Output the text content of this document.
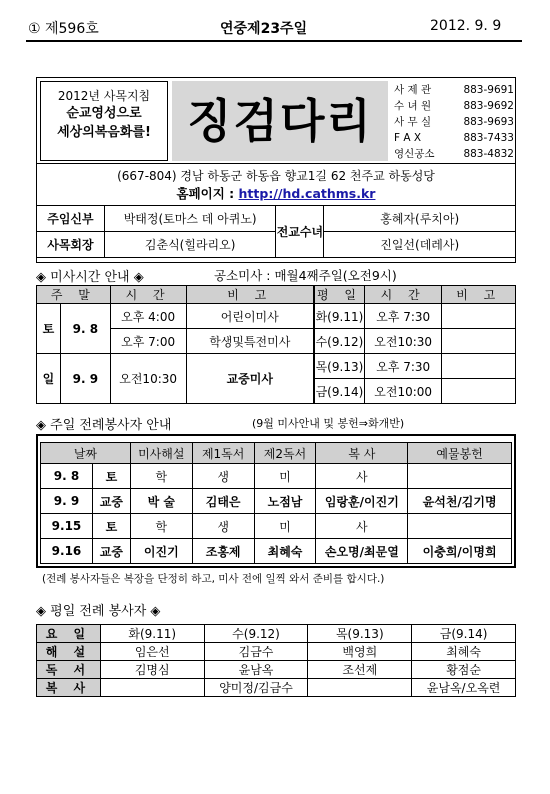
① 제596호	연중제23주일	2012. 9. 9
2012년 사목지침
순교영성으로
세상의복음화를! 징검다리
사 제 관	883-9691
수 녀 원	883-9692
사 무 실	883-9693
F A X	883-7433
영신공소	883-4832
(667-804) 경남 하동군 하동읍 향교1길 62 천주교 하동성당
홈페이지 : http://hd.cathms.kr
주임신부	박태정(토마스 데 아퀴노)	전교수녀	홍혜자(루치아)
사목회장	김춘식(힐라리오)		진일선(데레사)
◈ 미사시간 안내 ◈	공소미사 : 매월4째주일(오전9시)
주 말		시 간	비 고
토	9. 8	오후 4:00	어린이미사
		오후 7:00	학생및특전미사
일	9. 9	오전10:30	교중미사
평 일	시 간	비 고
화(9.11)	오후 7:30	
수(9.12)	오전10:30	
목(9.13)	오후 7:30	
금(9.14)	오전10:00	
◈ 주일 전례봉사자 안내	(9월 미사안내 및 봉헌⇒화개반)
날짜		미사해설	제1독서	제2독서	복 사	예물봉헌
9. 8	토	학	생	미	사	
9. 9	교중	박 술	김태은	노점남	임랑훈/이진기	윤석천/김기명
9.15	토	학	생	미	사	
9.16	교중	이진기	조홍제	최혜숙	손오명/최문열	이충희/이명희
(전례 봉사자들은 복장을 단정히 하고, 미사 전에 일찍 와서 준비를 합시다.)
◈ 평일 전례 봉사자 ◈
요 일	화(9.11)	수(9.12)	목(9.13)	금(9.14)
해 설	임은선	김금수	백영희	최혜숙
독 서	김명심	윤남옥	조선제	황점순
복 사		양미정/김금수		윤남옥/오옥련
